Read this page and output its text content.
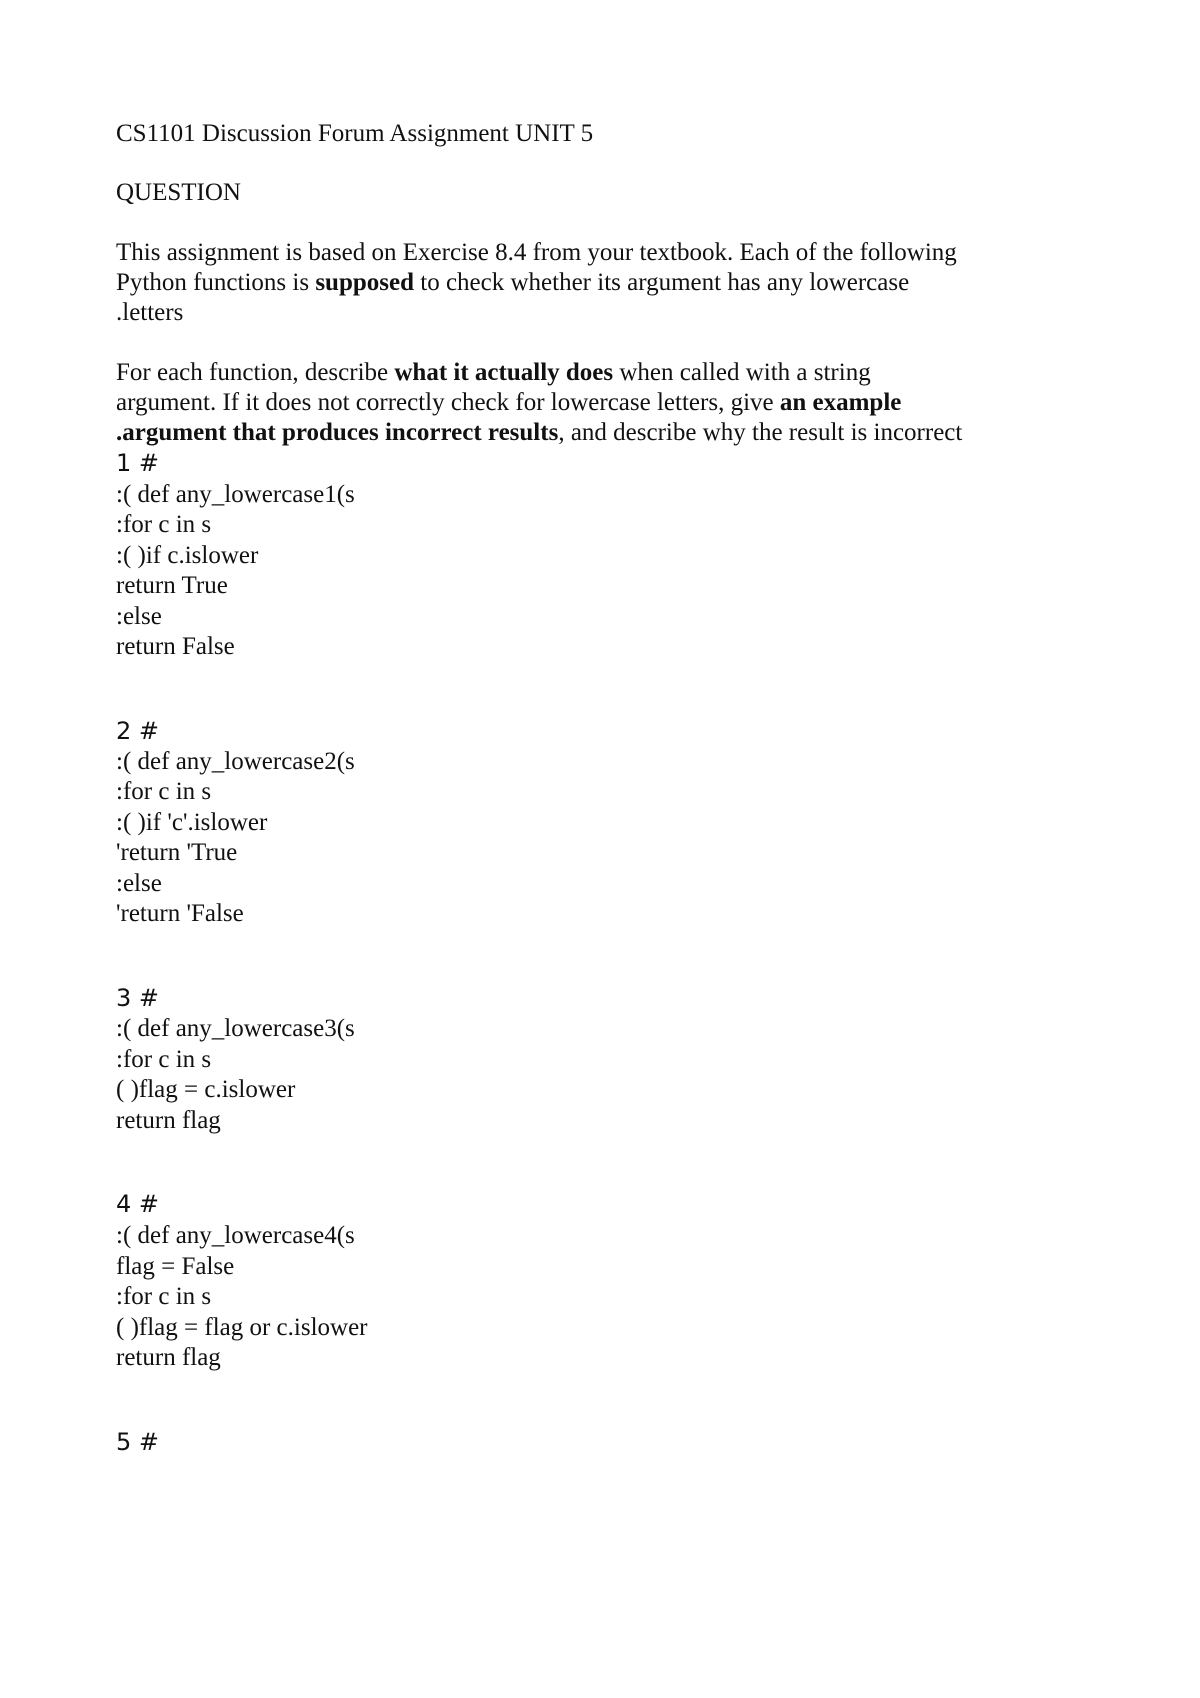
CS1101 Discussion Forum Assignment UNIT 5
QUESTION
This assignment is based on Exercise 8.4 from your textbook. Each of the following
Python functions is supposed to check whether its argument has any lowercase
.letters
For each function, describe what it actually does when called with a string
argument. If it does not correctly check for lowercase letters, give an example
.argument that produces incorrect results, and describe why the result is incorrect
1 #
:( def any_lowercase1(s
:for c in s
:( )if c.islower
return True
:else
return False
2 #
:( def any_lowercase2(s
:for c in s
:( )if 'c'.islower
'return 'True
:else
'return 'False
3 #
:( def any_lowercase3(s
:for c in s
( )flag = c.islower
return flag
4 #
:( def any_lowercase4(s
flag = False
:for c in s
( )flag = flag or c.islower
return flag
5 #
